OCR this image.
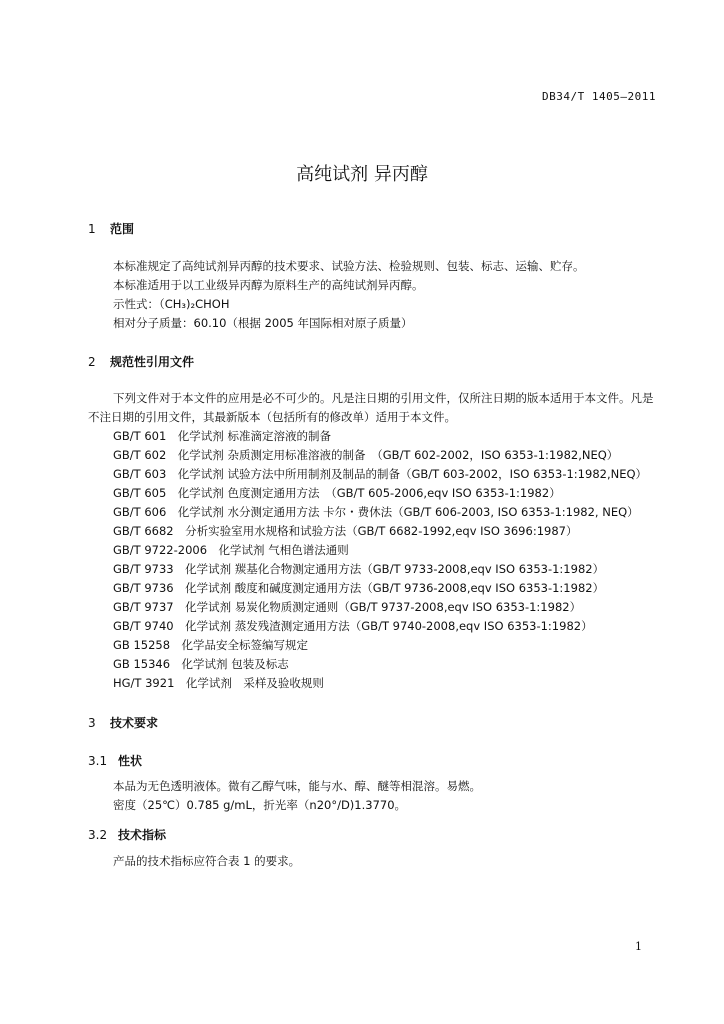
DB34/T 1405—2011
高纯试剂 异丙醇
1 范围
本标准规定了高纯试剂异丙醇的技术要求、试验方法、检验规则、包装、标志、运输、贮存。
本标准适用于以工业级异丙醇为原料生产的高纯试剂异丙醇。
示性式：（CH₃)₂CHOH
相对分子质量：60.10（根据 2005 年国际相对原子质量）
2 规范性引用文件
下列文件对于本文件的应用是必不可少的。凡是注日期的引用文件，仅所注日期的版本适用于本文件。凡是不注日期的引用文件，其最新版本（包括所有的修改单）适用于本文件。
GB/T 601　化学试剂 标准滴定溶液的制备
GB/T 602　化学试剂 杂质测定用标准溶液的制备　（GB/T 602-2002，ISO 6353-1:1982,NEQ）
GB/T 603　化学试剂 试验方法中所用制剂及制品的制备（GB/T 603-2002，ISO 6353-1:1982,NEQ）
GB/T 605　化学试剂 色度测定通用方法　（GB/T 605-2006,eqv ISO 6353-1:1982）
GB/T 606　化学试剂 水分测定通用方法 卡尔・费休法（GB/T 606-2003, ISO 6353-1:1982, NEQ）
GB/T 6682　分析实验室用水规格和试验方法（GB/T 6682-1992,eqv ISO 3696:1987）
GB/T 9722-2006　化学试剂 气相色谱法通则
GB/T 9733　化学试剂 羰基化合物测定通用方法（GB/T 9733-2008,eqv ISO 6353-1:1982）
GB/T 9736　化学试剂 酸度和碱度测定通用方法（GB/T 9736-2008,eqv ISO 6353-1:1982）
GB/T 9737　化学试剂 易炭化物质测定通则（GB/T 9737-2008,eqv ISO 6353-1:1982）
GB/T 9740　化学试剂 蒸发残渣测定通用方法（GB/T 9740-2008,eqv ISO 6353-1:1982）
GB 15258　化学品安全标签编写规定
GB 15346　化学试剂 包装及标志
HG/T 3921　化学试剂　采样及验收规则
3 技术要求
3.1 性状
本品为无色透明液体。微有乙醇气味，能与水、醇、醚等相混溶。易燃。
密度（25℃）0.785 g/mL，折光率（n20°/D)1.3770。
3.2 技术指标
产品的技术指标应符合表 1 的要求。
1
